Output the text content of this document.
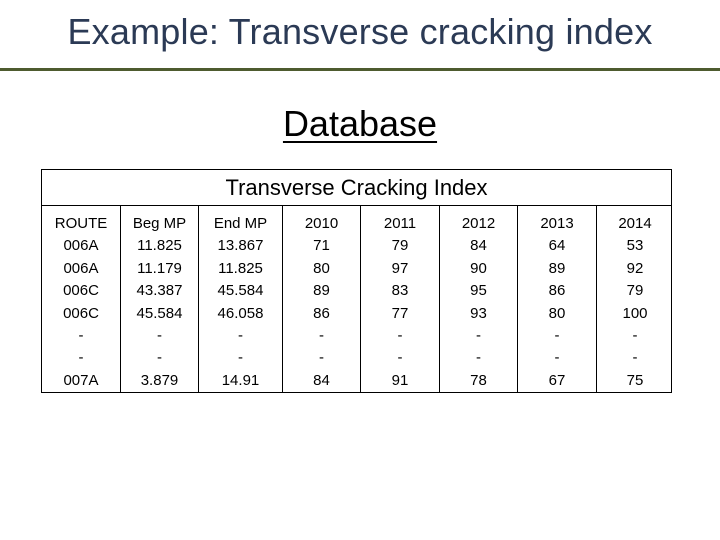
Example: Transverse cracking index
Database
Transverse Cracking Index
ROUTE
006A
006A
006C
006C
-
-
007A
Beg MP
11.825
11.179
43.387
45.584
-
-
3.879
End MP
13.867
11.825
45.584
46.058
-
-
14.91
2010
71
80
89
86
-
-
84
2011
79
97
83
77
-
-
91
2012
84
90
95
93
-
-
78
2013
64
89
86
80
-
-
67
2014
53
92
79
100
-
-
75
